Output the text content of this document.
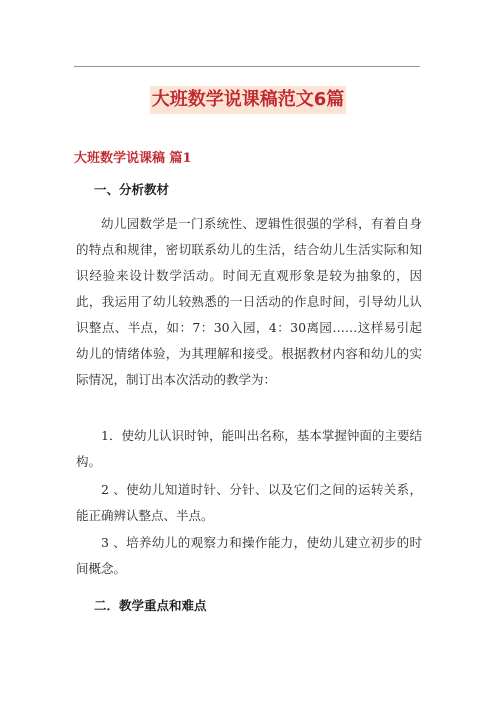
大班数学说课稿范文6篇
大班数学说课稿 篇1
一、分析教材

幼儿园数学是一门系统性、逻辑性很强的学科，有着自身的特点和规律，密切联系幼儿的生活，结合幼儿生活实际和知识经验来设计数学活动。时间无直观形象是较为抽象的，因此，我运用了幼儿较熟悉的一日活动的作息时间，引导幼儿认识整点、半点，如：7：30入园，4：30离园……这样易引起幼儿的情绪体验，为其理解和接受。根据教材内容和幼儿的实际情况，制订出本次活动的教学为：

1．使幼儿认识时钟，能叫出名称，基本掌握钟面的主要结构。

2 、使幼儿知道时针、分针、以及它们之间的运转关系，能正确辨认整点、半点。

3 、培养幼儿的观察力和操作能力，使幼儿建立初步的时间概念。

二．教学重点和难点
